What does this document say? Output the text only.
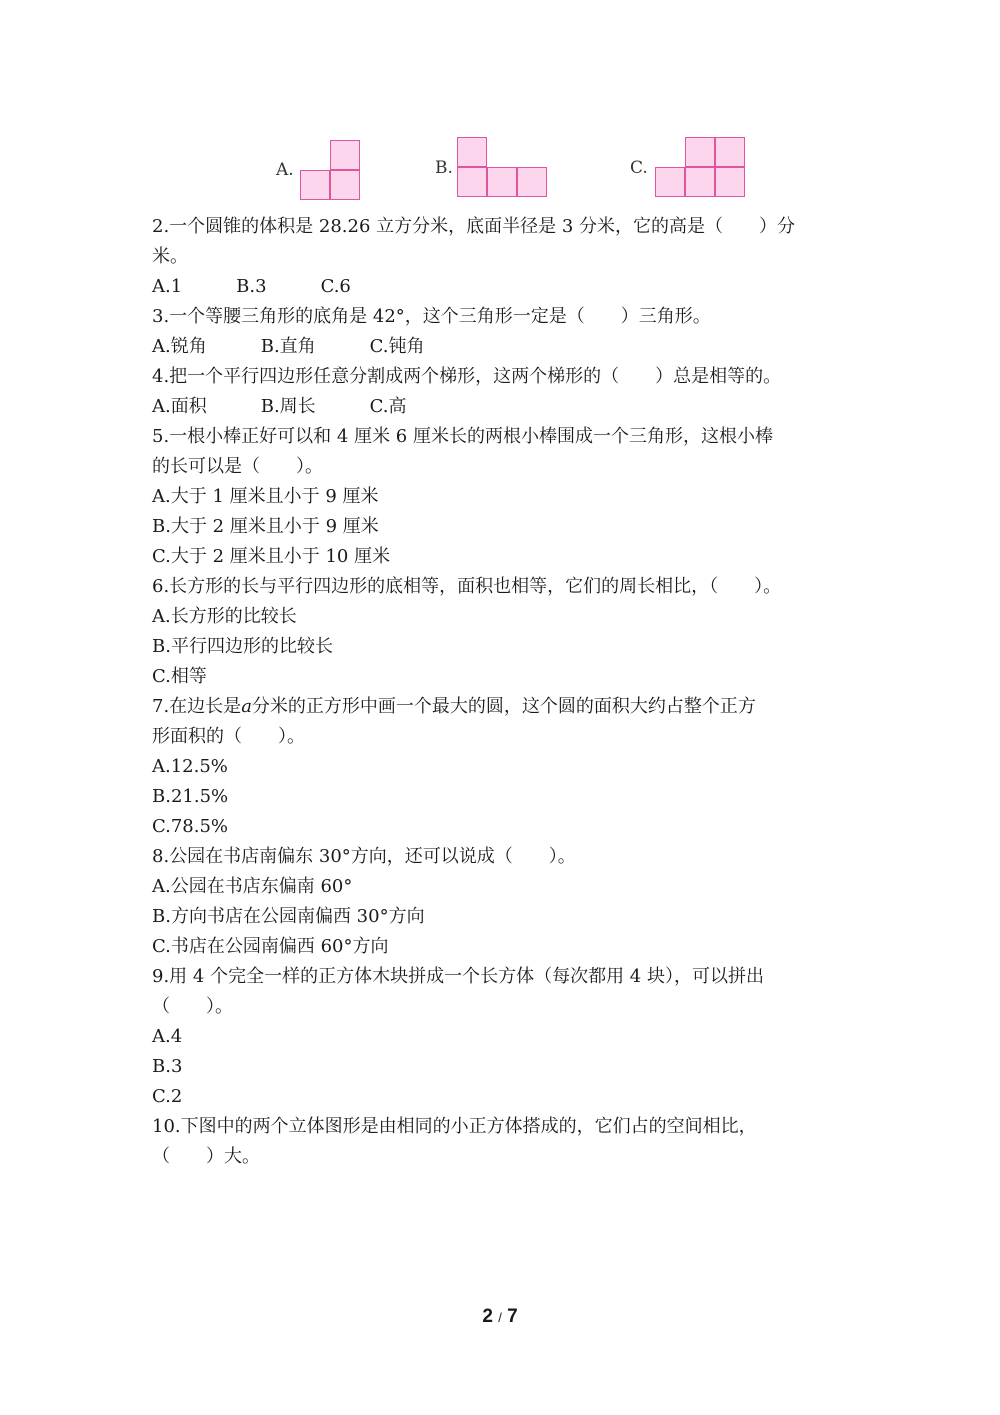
A.	B.	C.
2.一个圆锥的体积是 28.26 立方分米，底面半径是 3 分米，它的高是（　　）分
米。
A.1　　　B.3　　　C.6
3.一个等腰三角形的底角是 42°，这个三角形一定是（　　）三角形。
A.锐角　　　B.直角　　　C.钝角
4.把一个平行四边形任意分割成两个梯形，这两个梯形的（　　）总是相等的。
A.面积　　　B.周长　　　C.高
5.一根小棒正好可以和 4 厘米 6 厘米长的两根小棒围成一个三角形，这根小棒
的长可以是（　　）。
A.大于 1 厘米且小于 9 厘米
B.大于 2 厘米且小于 9 厘米
C.大于 2 厘米且小于 10 厘米
6.长方形的长与平行四边形的底相等，面积也相等，它们的周长相比，（　　）。
A.长方形的比较长
B.平行四边形的比较长
C.相等
7.在边长是a分米的正方形中画一个最大的圆，这个圆的面积大约占整个正方
形面积的（　　）。
A.12.5%
B.21.5%
C.78.5%
8.公园在书店南偏东 30°方向，还可以说成（　　）。
A.公园在书店东偏南 60°
B.方向书店在公园南偏西 30°方向
C.书店在公园南偏西 60°方向
9.用 4 个完全一样的正方体木块拼成一个长方体（每次都用 4 块），可以拼出
（　　）。
A.4
B.3
C.2
10.下图中的两个立体图形是由相同的小正方体搭成的，它们占的空间相比，
（　　）大。
2 / 7
